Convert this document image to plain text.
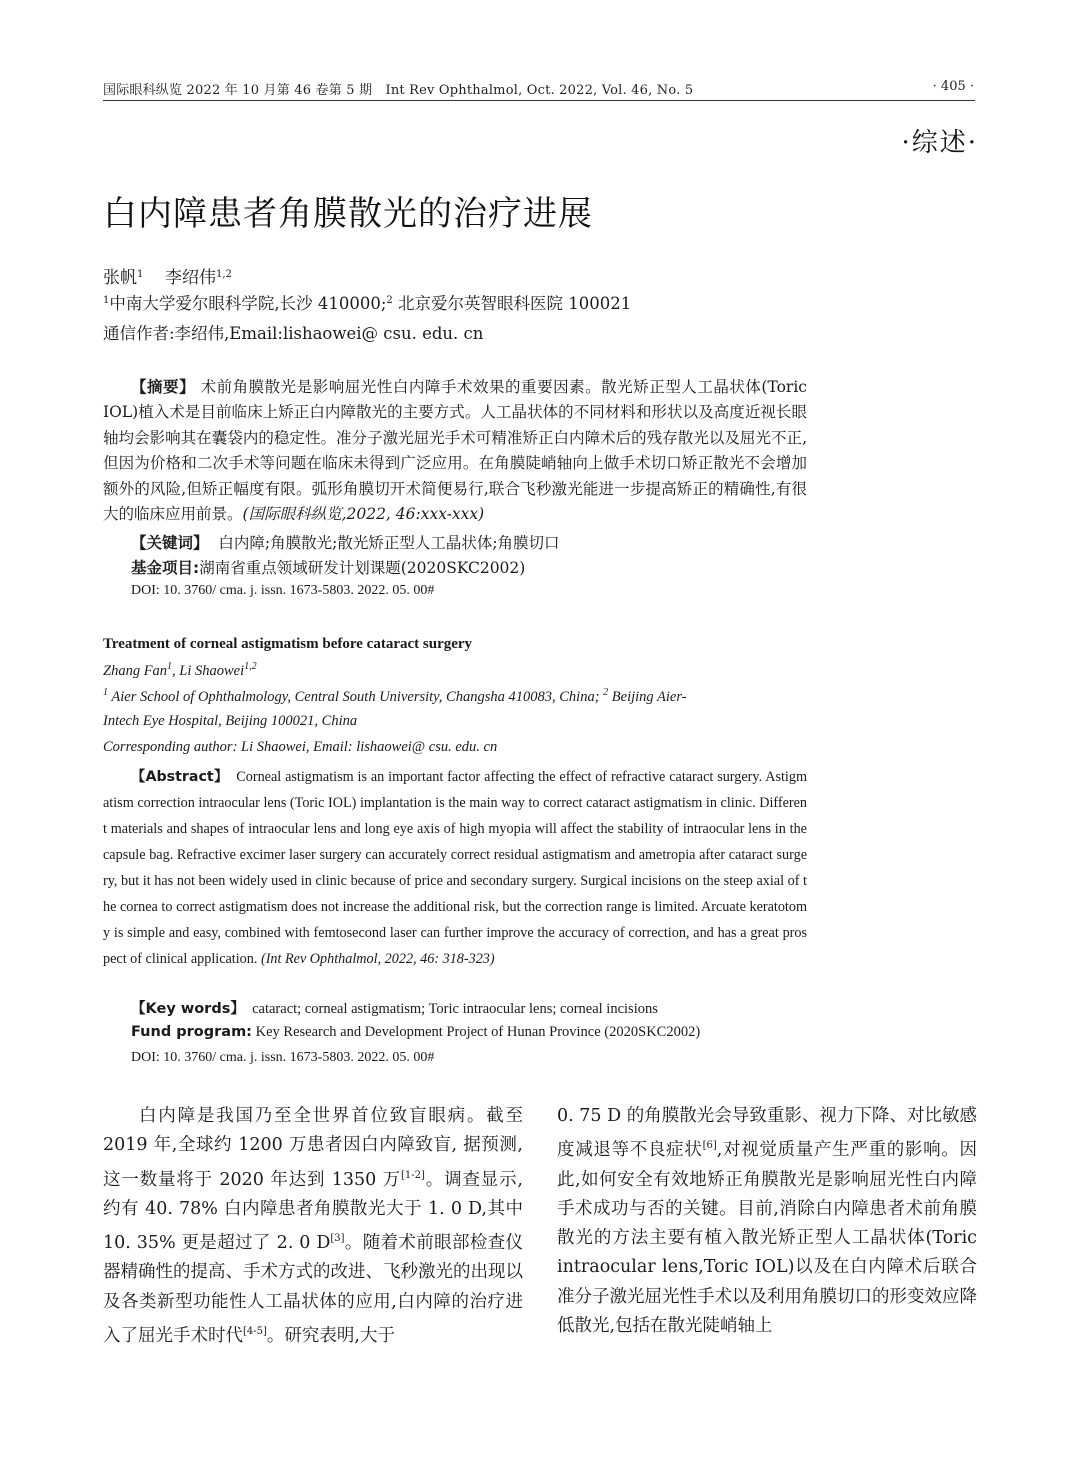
国际眼科纵览 2022 年 10 月第 46 卷第 5 期　Int Rev Ophthalmol, Oct. 2022, Vol. 46, No. 5	· 405 ·
·综述·
白内障患者角膜散光的治疗进展
张帆$^1$ 李绍伟$^{1,2}$
$^1$中南大学爱尔眼科学院,长沙 410000;$^2$ 北京爱尔英智眼科医院 100021
通信作者:李绍伟,Email:lishaowei@ csu. edu. cn
【摘要】 术前角膜散光是影响屈光性白内障手术效果的重要因素。散光矫正型人工晶状体(Toric IOL)植入术是目前临床上矫正白内障散光的主要方式。人工晶状体的不同材料和形状以及高度近视长眼轴均会影响其在囊袋内的稳定性。准分子激光屈光手术可精准矫正白内障术后的残存散光以及屈光不正,但因为价格和二次手术等问题在临床未得到广泛应用。在角膜陡峭轴向上做手术切口矫正散光不会增加额外的风险,但矫正幅度有限。弧形角膜切开术简便易行,联合飞秒激光能进一步提高矫正的精确性,有很大的临床应用前景。(国际眼科纵览,2022, 46:xxx-xxx)
【关键词】 白内障;角膜散光;散光矫正型人工晶状体;角膜切口
基金项目:湖南省重点领域研发计划课题(2020SKC2002)
DOI: 10. 3760/ cma. j. issn. 1673-5803. 2022. 05. 00#
Treatment of corneal astigmatism before cataract surgery
Zhang Fan$^1$, Li Shaowei$^{1,2}$
$^1$ Aier School of Ophthalmology, Central South University, Changsha 410083, China; $^2$ Beijing Aier-
Intech Eye Hospital, Beijing 100021, China
Corresponding author: Li Shaowei, Email: lishaowei@ csu. edu. cn
【Abstract】 Corneal astigmatism is an important factor affecting the effect of refractive cataract surgery. Astigmatism correction intraocular lens (Toric IOL) implantation is the main way to correct cataract astigmatism in clinic. Different materials and shapes of intraocular lens and long eye axis of high myopia will affect the stability of intraocular lens in the capsule bag. Refractive excimer laser surgery can accurately correct residual astigmatism and ametropia after cataract surgery, but it has not been widely used in clinic because of price and secondary surgery. Surgical incisions on the steep axial of the cornea to correct astigmatism does not increase the additional risk, but the correction range is limited. Arcuate keratotomy is simple and easy, combined with femtosecond laser can further improve the accuracy of correction, and has a great prospect of clinical application. (Int Rev Ophthalmol, 2022, 46: 318-323)
【Key words】 cataract; corneal astigmatism; Toric intraocular lens; corneal incisions
Fund program: Key Research and Development Project of Hunan Province (2020SKC2002)
DOI: 10. 3760/ cma. j. issn. 1673-5803. 2022. 05. 00#
白内障是我国乃至全世界首位致盲眼病。截至 2019 年,全球约 1200 万患者因白内障致盲, 据预测,这一数量将于 2020 年达到 1350 万[1-2]。调查显示,约有 40. 78% 白内障患者角膜散光大于 1. 0 D,其中 10. 35% 更是超过了 2. 0 D[3]。随着术前眼部检查仪器精确性的提高、手术方式的改进、飞秒激光的出现以及各类新型功能性人工晶状体的应用,白内障的治疗进入了屈光手术时代[4-5]。研究表明,大于
0. 75 D 的角膜散光会导致重影、视力下降、对比敏感度减退等不良症状[6],对视觉质量产生严重的影响。因此,如何安全有效地矫正角膜散光是影响屈光性白内障手术成功与否的关键。目前,消除白内障患者术前角膜散光的方法主要有植入散光矫正型人工晶状体(Toric intraocular lens,Toric IOL)以及在白内障术后联合准分子激光屈光性手术以及利用角膜切口的形变效应降低散光,包括在散光陡峭轴上
